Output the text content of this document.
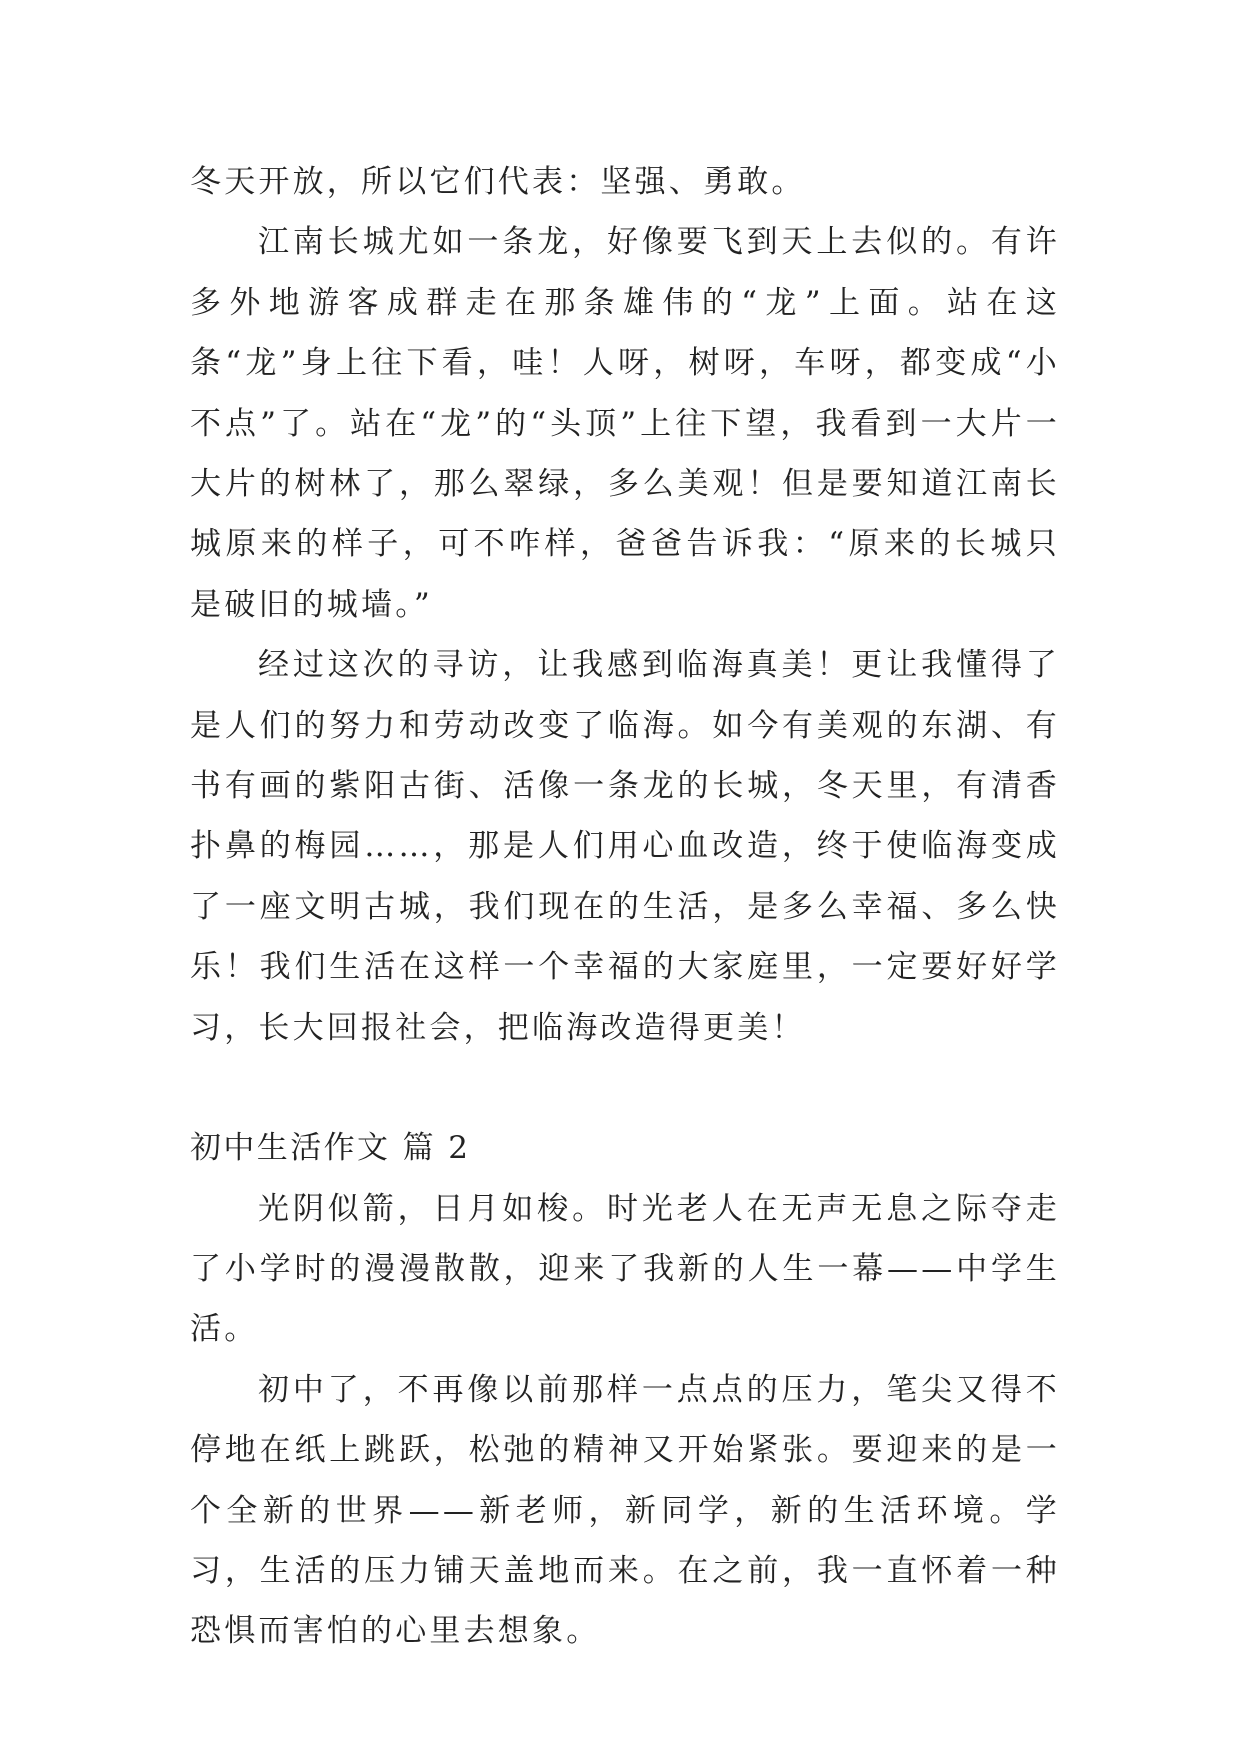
冬天开放，所以它们代表：坚强、勇敢。

江南长城尤如一条龙，好像要飞到天上去似的。有许多外地游客成群走在那条雄伟的“龙”上面。站在这条“龙”身上往下看，哇！人呀，树呀，车呀，都变成“小不点”了。站在“龙”的“头顶”上往下望，我看到一大片一大片的树林了，那么翠绿，多么美观！但是要知道江南长城原来的样子，可不咋样，爸爸告诉我：“原来的长城只是破旧的城墙。”

经过这次的寻访，让我感到临海真美！更让我懂得了是人们的努力和劳动改变了临海。如今有美观的东湖、有书有画的紫阳古街、活像一条龙的长城，冬天里，有清香扑鼻的梅园……，那是人们用心血改造，终于使临海变成了一座文明古城，我们现在的生活，是多么幸福、多么快乐！我们生活在这样一个幸福的大家庭里，一定要好好学习，长大回报社会，把临海改造得更美！

初中生活作文 篇 2

光阴似箭，日月如梭。时光老人在无声无息之际夺走了小学时的漫漫散散，迎来了我新的人生一幕——中学生活。

初中了，不再像以前那样一点点的压力，笔尖又得不停地在纸上跳跃，松弛的精神又开始紧张。要迎来的是一个全新的世界——新老师，新同学，新的生活环境。学习，生活的压力铺天盖地而来。在之前，我一直怀着一种恐惧而害怕的心里去想象。
